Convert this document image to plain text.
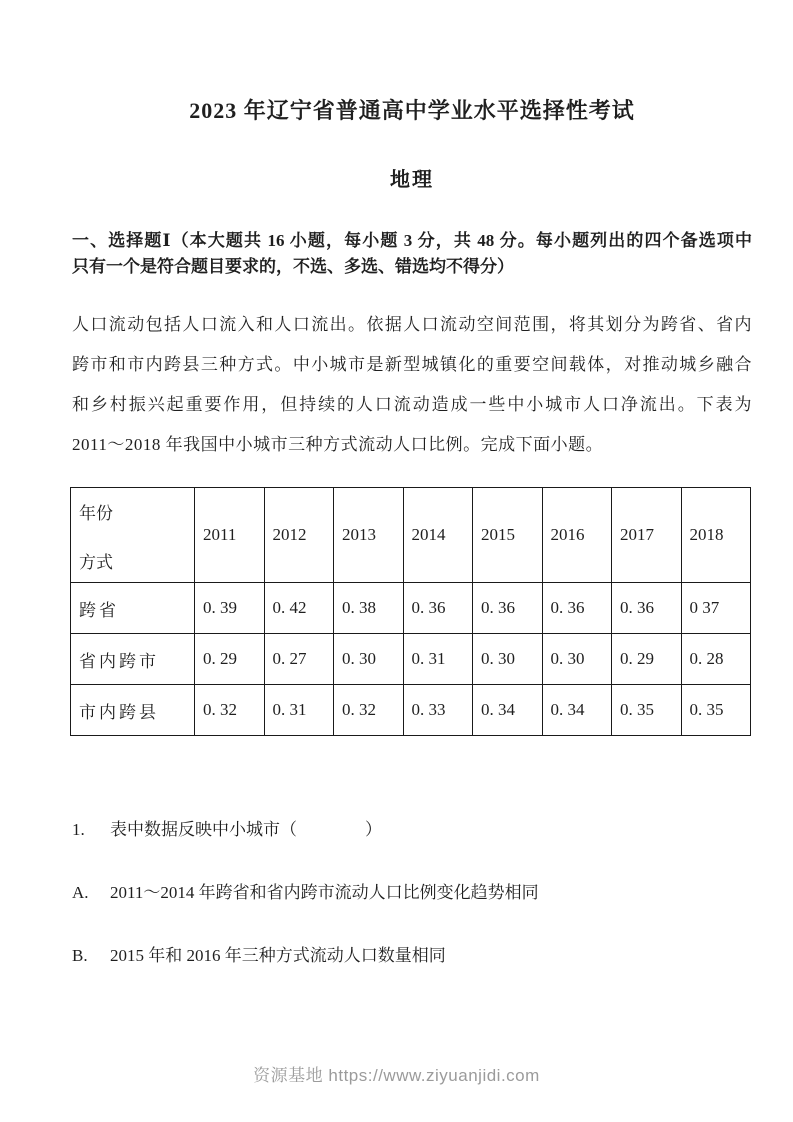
2023 年辽宁省普通高中学业水平选择性考试
地理
一、选择题Ⅰ（本大题共 16 小题，每小题 3 分，共 48 分。每小题列出的四个备选项中
只有一个是符合题目要求的，不选、多选、错选均不得分）
人口流动包括人口流入和人口流出。依据人口流动空间范围，将其划分为跨省、省内
跨市和市内跨县三种方式。中小城市是新型城镇化的重要空间载体，对推动城乡融合
和乡村振兴起重要作用，但持续的人口流动造成一些中小城市人口净流出。下表为
2011～2018 年我国中小城市三种方式流动人口比例。完成下面小题。
年份
方式	2011	2012	2013	2014	2015	2016	2017	2018
跨省	0. 39	0. 42	0. 38	0. 36	0. 36	0. 36	0. 36	0 37
省内跨市	0. 29	0. 27	0. 30	0. 31	0. 30	0. 30	0. 29	0. 28
市内跨县	0. 32	0. 31	0. 32	0. 33	0. 34	0. 34	0. 35	0. 35
1.	表中数据反映中小城市（　　　　）
A.	2011～2014 年跨省和省内跨市流动人口比例变化趋势相同
B.	2015 年和 2016 年三种方式流动人口数量相同
资源基地 https://www.ziyuanjidi.com
